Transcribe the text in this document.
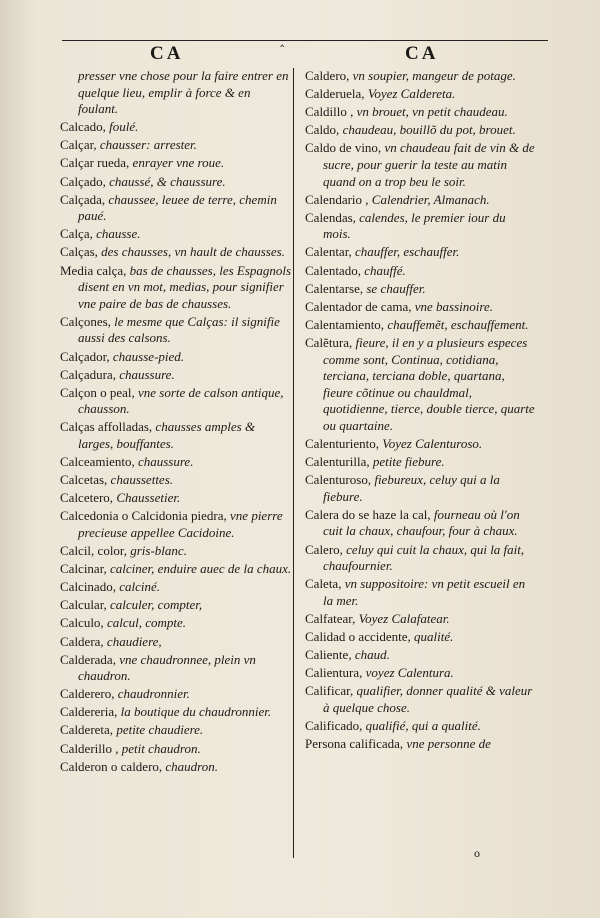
‸
CA	CA
presser vne chose pour la faire entrer en quelque lieu, emplir à force & en foulant.
Calcado, foulé.
Calçar, chausser: arrester.
Calçar rueda, enrayer vne roue.
Calçado, chaussé, & chaussure.
Calçada, chaussee, leuee de terre, chemin paué.
Calça, chausse.
Calças, des chausses, vn hault de chausses.
Media calça, bas de chausses, les Espagnols disent en vn mot, medias, pour signifier vne paire de bas de chausses.
Calçones, le mesme que Calças: il signifie aussi des calsons.
Calçador, chausse-pied.
Calçadura, chaussure.
Calçon o peal, vne sorte de calson antique, chausson.
Calças affolladas, chausses amples & larges, bouffantes.
Calceamiento, chaussure.
Calcetas, chaussettes.
Calcetero, Chaussetier.
Calcedonia o Calcidonia piedra, vne pierre precieuse appellee Cacidoine.
Calcil, color, gris-blanc.
Calcinar, calciner, enduire auec de la chaux.
Calcinado, calciné.
Calcular, calculer, compter,
Calculo, calcul, compte.
Caldera, chaudiere,
Calderada, vne chaudronnee, plein vn chaudron.
Calderero, chaudronnier.
Caldereria, la boutique du chaudronnier.
Caldereta, petite chaudiere.
Calderillo , petit chaudron.
Calderon o caldero, chaudron.
Caldero, vn soupier, mangeur de potage.
Calderuela, Voyez Caldereta.
Caldillo , vn brouet, vn petit chaudeau.
Caldo, chaudeau, bouillõ du pot, brouet.
Caldo de vino, vn chaudeau fait de vin & de sucre, pour guerir la teste au matin quand on a trop beu le soir.
Calendario , Calendrier, Almanach.
Calendas, calendes, le premier iour du mois.
Calentar, chauffer, eschauffer.
Calentado, chauffé.
Calentarse, se chauffer.
Calentador de cama, vne bassinoire.
Calentamiento, chauffemẽt, eschauffement.
Calẽtura, fieure, il en y a plusieurs especes comme sont, Continua, cotidiana, terciana, terciana doble, quartana, fieure cõtinue ou chauldmal, quotidienne, tierce, double tierce, quarte ou quartaine.
Calenturiento, Voyez Calenturoso.
Calenturilla, petite fiebure.
Calenturoso, fiebureux, celuy qui a la fiebure.
Calera do se haze la cal, fourneau où l'on cuit la chaux, chaufour, four à chaux.
Calero, celuy qui cuit la chaux, qui la fait, chaufournier.
Caleta, vn suppositoire: vn petit escueil en la mer.
Calfatear, Voyez Calafatear.
Calidad o accidente, qualité.
Caliente, chaud.
Calientura, voyez Calentura.
Calificar, qualifier, donner qualité & valeur à quelque chose.
Calificado, qualifié, qui a qualité.
Persona calificada, vne personne de
o
